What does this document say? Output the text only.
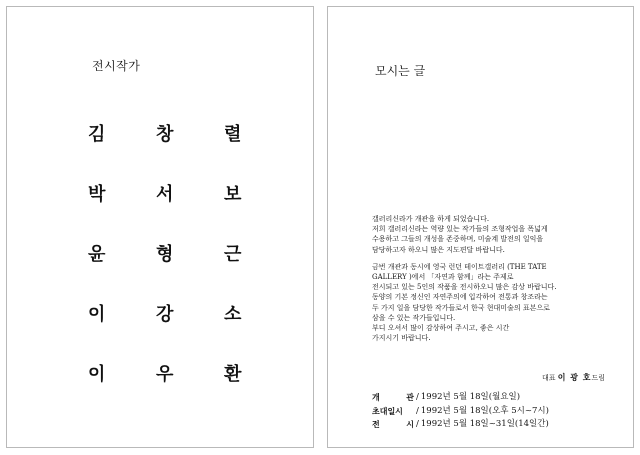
전시작가
김	창	렬
박	서	보
윤	형	근
이	강	소
이	우	환
모시는 글
갤러리신라가 개관을 하게 되었습니다.
저희 갤러리신라는 역량 있는 작가들의 조형작업을 폭넓게
수용하고 그들의 개성을 존중하며, 미술계 발전의 일익을
담당하고자 하오니 많은 지도편달 바랍니다.
금번 개관과 동시에 영국 런던 테이트갤러리 (THE TATE
GALLERY )에서 「자연과 함께」라는 주제로
전시되고 있는 5인의 작품을 전시하오니 많은 감상 바랍니다.
동양의 기본 정신인 자연주의에 입각하여 전통과 창조라는
두 가지 일을 담당한 작가들로서 한국 현대미술의 표본으로
삼을 수 있는 작가들입니다.
부디 오셔서 많이 감상하여 주시고, 좋은 시간
가지시기 바랍니다.
대표 이 광 호드림
개 관 / 1992년 5월 18일(월요일)
초대일시	/ 1992년 5월 18일(오후 5시~7시)
전 시 / 1992년 5월 18일~31일(14일간)
